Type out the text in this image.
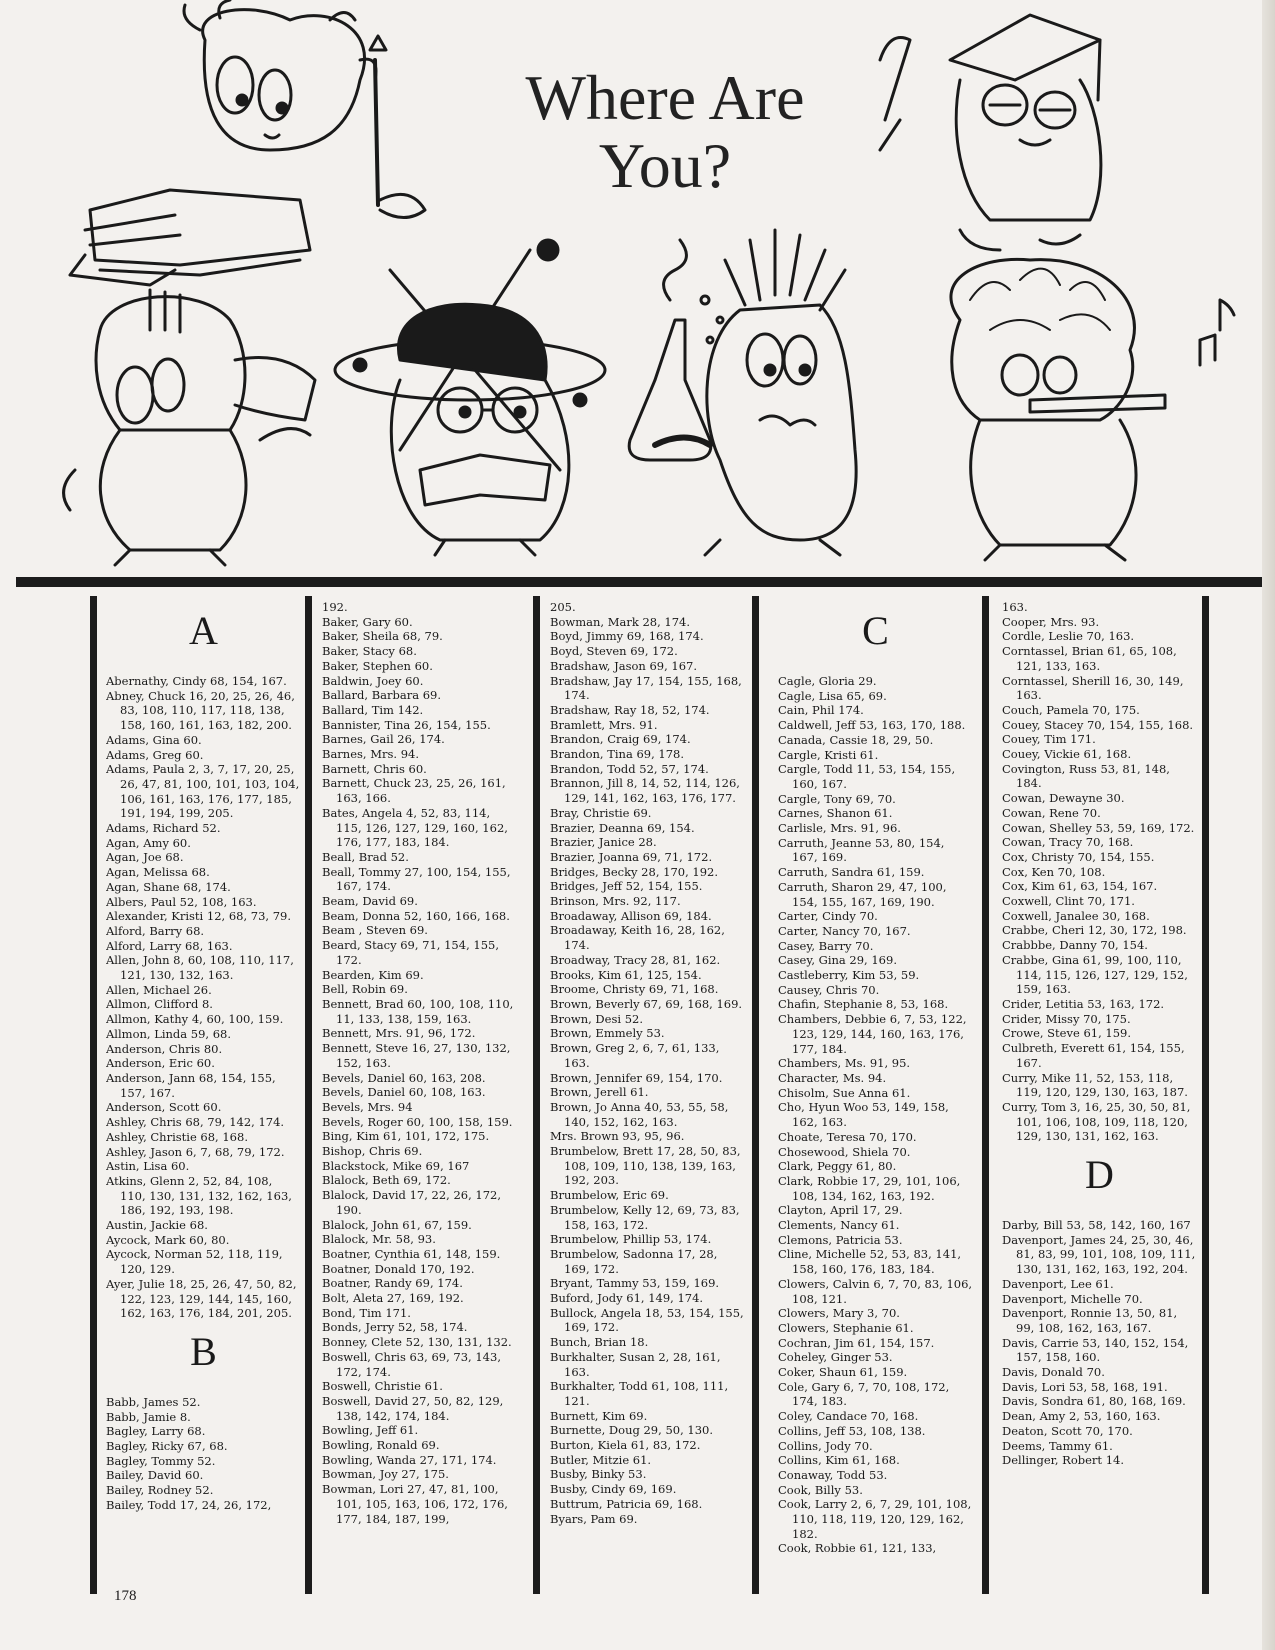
Where Are
You?
A
Abernathy, Cindy 68, 154, 167.
Abney, Chuck 16, 20, 25, 26, 46, 83, 108, 110, 117, 118, 138, 158, 160, 161, 163, 182, 200.
Adams, Gina 60.
Adams, Greg 60.
Adams, Paula 2, 3, 7, 17, 20, 25, 26, 47, 81, 100, 101, 103, 104, 106, 161, 163, 176, 177, 185, 191, 194, 199, 205.
Adams, Richard 52.
Agan, Amy 60.
Agan, Joe 68.
Agan, Melissa 68.
Agan, Shane 68, 174.
Albers, Paul 52, 108, 163.
Alexander, Kristi 12, 68, 73, 79.
Alford, Barry 68.
Alford, Larry 68, 163.
Allen, John 8, 60, 108, 110, 117, 121, 130, 132, 163.
Allen, Michael 26.
Allmon, Clifford 8.
Allmon, Kathy 4, 60, 100, 159.
Allmon, Linda 59, 68.
Anderson, Chris 80.
Anderson, Eric 60.
Anderson, Jann 68, 154, 155, 157, 167.
Anderson, Scott 60.
Ashley, Chris 68, 79, 142, 174.
Ashley, Christie 68, 168.
Ashley, Jason 6, 7, 68, 79, 172.
Astin, Lisa 60.
Atkins, Glenn 2, 52, 84, 108, 110, 130, 131, 132, 162, 163, 186, 192, 193, 198.
Austin, Jackie 68.
Aycock, Mark 60, 80.
Aycock, Norman 52, 118, 119, 120, 129.
Ayer, Julie 18, 25, 26, 47, 50, 82, 122, 123, 129, 144, 145, 160, 162, 163, 176, 184, 201, 205.
B
Babb, James 52.
Babb, Jamie 8.
Bagley, Larry 68.
Bagley, Ricky 67, 68.
Bagley, Tommy 52.
Bailey, David 60.
Bailey, Rodney 52.
Bailey, Todd 17, 24, 26, 172,
192.
Baker, Gary 60.
Baker, Sheila 68, 79.
Baker, Stacy 68.
Baker, Stephen 60.
Baldwin, Joey 60.
Ballard, Barbara 69.
Ballard, Tim 142.
Bannister, Tina 26, 154, 155.
Barnes, Gail 26, 174.
Barnes, Mrs. 94.
Barnett, Chris 60.
Barnett, Chuck 23, 25, 26, 161, 163, 166.
Bates, Angela 4, 52, 83, 114, 115, 126, 127, 129, 160, 162, 176, 177, 183, 184.
Beall, Brad 52.
Beall, Tommy 27, 100, 154, 155, 167, 174.
Beam, David 69.
Beam, Donna 52, 160, 166, 168.
Beam , Steven 69.
Beard, Stacy 69, 71, 154, 155, 172.
Bearden, Kim 69.
Bell, Robin 69.
Bennett, Brad 60, 100, 108, 110, 11, 133, 138, 159, 163.
Bennett, Mrs. 91, 96, 172.
Bennett, Steve 16, 27, 130, 132, 152, 163.
Bevels, Daniel 60, 163, 208.
Bevels, Daniel 60, 108, 163.
Bevels, Mrs. 94
Bevels, Roger 60, 100, 158, 159.
Bing, Kim 61, 101, 172, 175.
Bishop, Chris 69.
Blackstock, Mike 69, 167
Blalock, Beth 69, 172.
Blalock, David 17, 22, 26, 172, 190.
Blalock, John 61, 67, 159.
Blalock, Mr. 58, 93.
Boatner, Cynthia 61, 148, 159.
Boatner, Donald 170, 192.
Boatner, Randy 69, 174.
Bolt, Aleta 27, 169, 192.
Bond, Tim 171.
Bonds, Jerry 52, 58, 174.
Bonney, Clete 52, 130, 131, 132.
Boswell, Chris 63, 69, 73, 143, 172, 174.
Boswell, Christie 61.
Boswell, David 27, 50, 82, 129, 138, 142, 174, 184.
Bowling, Jeff 61.
Bowling, Ronald 69.
Bowling, Wanda 27, 171, 174.
Bowman, Joy 27, 175.
Bowman, Lori 27, 47, 81, 100, 101, 105, 163, 106, 172, 176, 177, 184, 187, 199,
205.
Bowman, Mark 28, 174.
Boyd, Jimmy 69, 168, 174.
Boyd, Steven 69, 172.
Bradshaw, Jason 69, 167.
Bradshaw, Jay 17, 154, 155, 168, 174.
Bradshaw, Ray 18, 52, 174.
Bramlett, Mrs. 91.
Brandon, Craig 69, 174.
Brandon, Tina 69, 178.
Brandon, Todd 52, 57, 174.
Brannon, Jill 8, 14, 52, 114, 126, 129, 141, 162, 163, 176, 177.
Bray, Christie 69.
Brazier, Deanna 69, 154.
Brazier, Janice 28.
Brazier, Joanna 69, 71, 172.
Bridges, Becky 28, 170, 192.
Bridges, Jeff 52, 154, 155.
Brinson, Mrs. 92, 117.
Broadaway, Allison 69, 184.
Broadaway, Keith 16, 28, 162, 174.
Broadway, Tracy 28, 81, 162.
Brooks, Kim 61, 125, 154.
Broome, Christy 69, 71, 168.
Brown, Beverly 67, 69, 168, 169.
Brown, Desi 52.
Brown, Emmely 53.
Brown, Greg 2, 6, 7, 61, 133, 163.
Brown, Jennifer 69, 154, 170.
Brown, Jerell 61.
Brown, Jo Anna 40, 53, 55, 58, 140, 152, 162, 163.
Mrs. Brown 93, 95, 96.
Brumbelow, Brett 17, 28, 50, 83, 108, 109, 110, 138, 139, 163, 192, 203.
Brumbelow, Eric 69.
Brumbelow, Kelly 12, 69, 73, 83, 158, 163, 172.
Brumbelow, Phillip 53, 174.
Brumbelow, Sadonna 17, 28, 169, 172.
Bryant, Tammy 53, 159, 169.
Buford, Jody 61, 149, 174.
Bullock, Angela 18, 53, 154, 155, 169, 172.
Bunch, Brian 18.
Burkhalter, Susan 2, 28, 161, 163.
Burkhalter, Todd 61, 108, 111, 121.
Burnett, Kim 69.
Burnette, Doug 29, 50, 130.
Burton, Kiela 61, 83, 172.
Butler, Mitzie 61.
Busby, Binky 53.
Busby, Cindy 69, 169.
Buttrum, Patricia 69, 168.
Byars, Pam 69.
C
Cagle, Gloria 29.
Cagle, Lisa 65, 69.
Cain, Phil 174.
Caldwell, Jeff 53, 163, 170, 188.
Canada, Cassie 18, 29, 50.
Cargle, Kristi 61.
Cargle, Todd 11, 53, 154, 155, 160, 167.
Cargle, Tony 69, 70.
Carnes, Shanon 61.
Carlisle, Mrs. 91, 96.
Carruth, Jeanne 53, 80, 154, 167, 169.
Carruth, Sandra 61, 159.
Carruth, Sharon 29, 47, 100, 154, 155, 167, 169, 190.
Carter, Cindy 70.
Carter, Nancy 70, 167.
Casey, Barry 70.
Casey, Gina 29, 169.
Castleberry, Kim 53, 59.
Causey, Chris 70.
Chafin, Stephanie 8, 53, 168.
Chambers, Debbie 6, 7, 53, 122, 123, 129, 144, 160, 163, 176, 177, 184.
Chambers, Ms. 91, 95.
Character, Ms. 94.
Chisolm, Sue Anna 61.
Cho, Hyun Woo 53, 149, 158, 162, 163.
Choate, Teresa 70, 170.
Chosewood, Shiela 70.
Clark, Peggy 61, 80.
Clark, Robbie 17, 29, 101, 106, 108, 134, 162, 163, 192.
Clayton, April 17, 29.
Clements, Nancy 61.
Clemons, Patricia 53.
Cline, Michelle 52, 53, 83, 141, 158, 160, 176, 183, 184.
Clowers, Calvin 6, 7, 70, 83, 106, 108, 121.
Clowers, Mary 3, 70.
Clowers, Stephanie 61.
Cochran, Jim 61, 154, 157.
Coheley, Ginger 53.
Coker, Shaun 61, 159.
Cole, Gary 6, 7, 70, 108, 172, 174, 183.
Coley, Candace 70, 168.
Collins, Jeff 53, 108, 138.
Collins, Jody 70.
Collins, Kim 61, 168.
Conaway, Todd 53.
Cook, Billy 53.
Cook, Larry 2, 6, 7, 29, 101, 108, 110, 118, 119, 120, 129, 162, 182.
Cook, Robbie 61, 121, 133,
163.
Cooper, Mrs. 93.
Cordle, Leslie 70, 163.
Corntassel, Brian 61, 65, 108, 121, 133, 163.
Corntassel, Sherill 16, 30, 149, 163.
Couch, Pamela 70, 175.
Couey, Stacey 70, 154, 155, 168.
Couey, Tim 171.
Couey, Vickie 61, 168.
Covington, Russ 53, 81, 148, 184.
Cowan, Dewayne 30.
Cowan, Rene 70.
Cowan, Shelley 53, 59, 169, 172.
Cowan, Tracy 70, 168.
Cox, Christy 70, 154, 155.
Cox, Ken 70, 108.
Cox, Kim 61, 63, 154, 167.
Coxwell, Clint 70, 171.
Coxwell, Janalee 30, 168.
Crabbe, Cheri 12, 30, 172, 198.
Crabbbe, Danny 70, 154.
Crabbe, Gina 61, 99, 100, 110, 114, 115, 126, 127, 129, 152, 159, 163.
Crider, Letitia 53, 163, 172.
Crider, Missy 70, 175.
Crowe, Steve 61, 159.
Culbreth, Everett 61, 154, 155, 167.
Curry, Mike 11, 52, 153, 118, 119, 120, 129, 130, 163, 187.
Curry, Tom 3, 16, 25, 30, 50, 81, 101, 106, 108, 109, 118, 120, 129, 130, 131, 162, 163.
D
Darby, Bill 53, 58, 142, 160, 167
Davenport, James 24, 25, 30, 46, 81, 83, 99, 101, 108, 109, 111, 130, 131, 162, 163, 192, 204.
Davenport, Lee 61.
Davenport, Michelle 70.
Davenport, Ronnie 13, 50, 81, 99, 108, 162, 163, 167.
Davis, Carrie 53, 140, 152, 154, 157, 158, 160.
Davis, Donald 70.
Davis, Lori 53, 58, 168, 191.
Davis, Sondra 61, 80, 168, 169.
Dean, Amy 2, 53, 160, 163.
Deaton, Scott 70, 170.
Deems, Tammy 61.
Dellinger, Robert 14.
178
